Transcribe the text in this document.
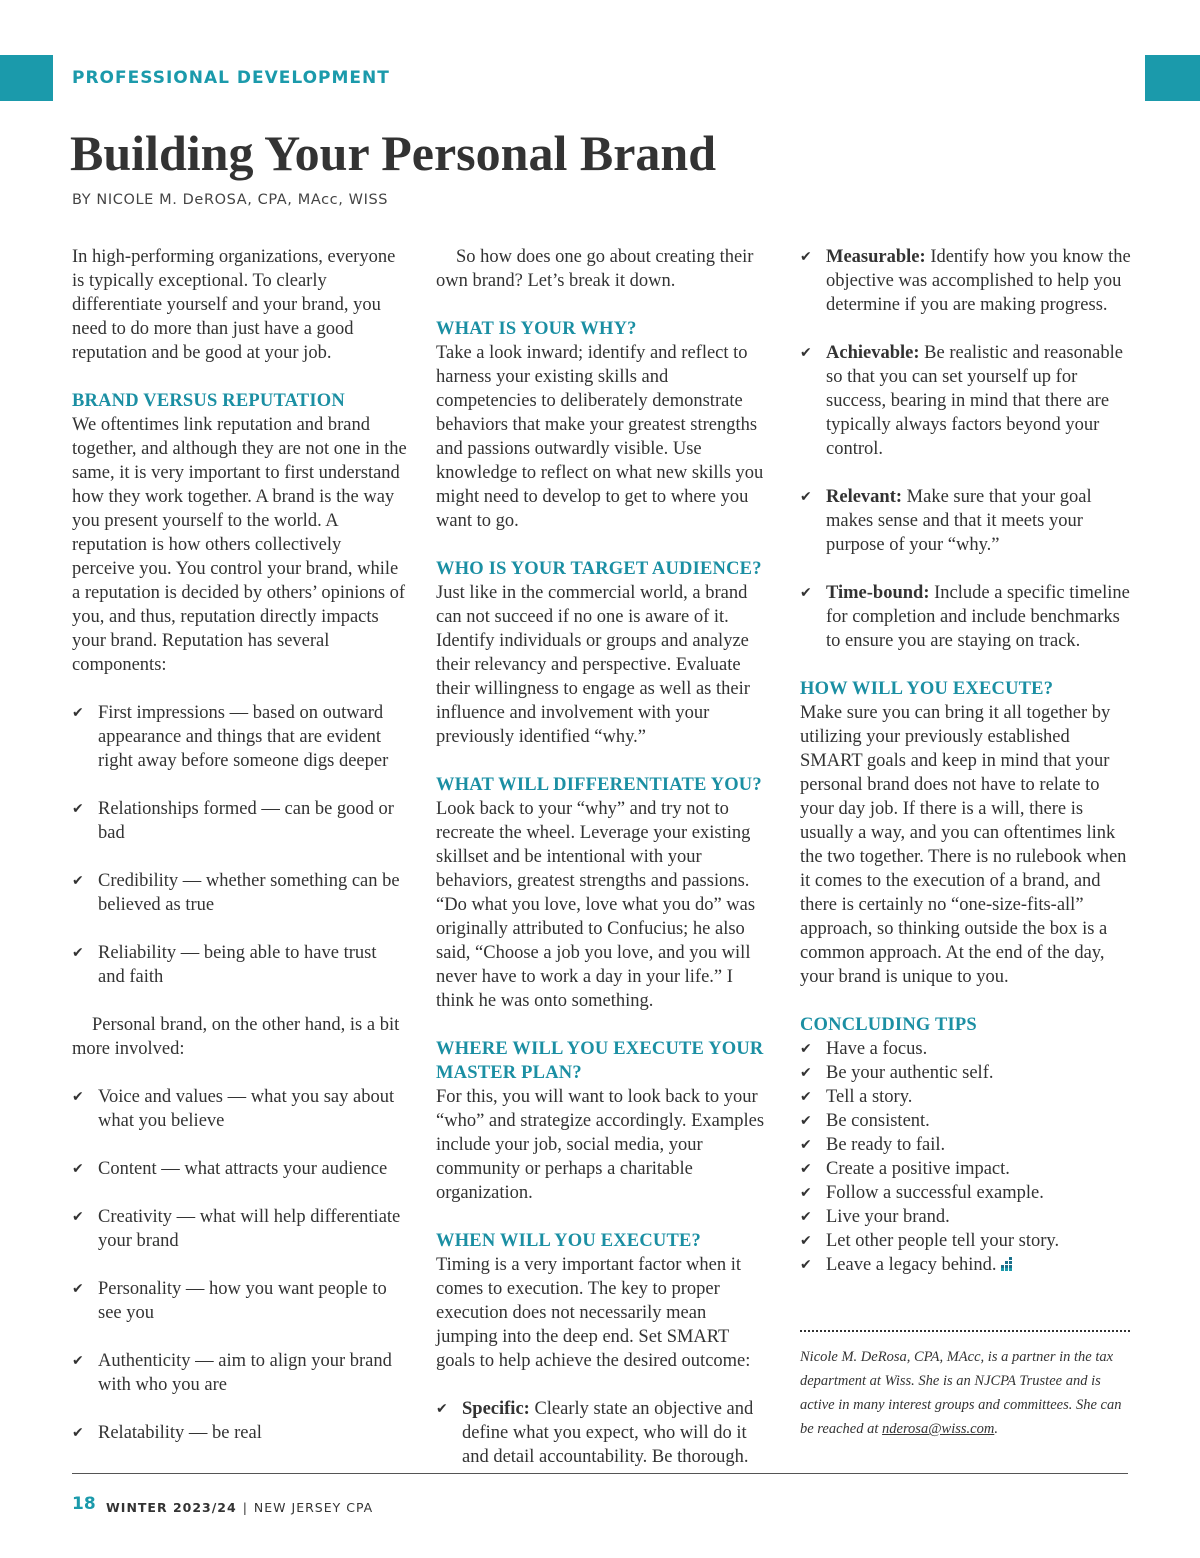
PROFESSIONAL DEVELOPMENT
Building Your Personal Brand
BY NICOLE M. DeROSA, CPA, MAcc, WISS

In high-performing organizations, everyone is typically exceptional. To clearly differentiate yourself and your brand, you need to do more than just have a good reputation and be good at your job.

BRAND VERSUS REPUTATION

We oftentimes link reputation and brand together, and although they are not one in the same, it is very important to first understand how they work together. A brand is the way you present yourself to the world. A reputation is how others collectively perceive you. You control your brand, while a reputation is decided by others’ opinions of you, and thus, reputation directly impacts your brand. Reputation has several components:

✔ First impressions — based on outward appearance and things that are evident right away before someone digs deeper
✔ Relationships formed — can be good or bad
✔ Credibility — whether something can be believed as true
✔ Reliability — being able to have trust and faith

Personal brand, on the other hand, is a bit more involved:

✔ Voice and values — what you say about what you believe
✔ Content — what attracts your audience
✔ Creativity — what will help differentiate your brand
✔ Personality — how you want people to see you
✔ Authenticity — aim to align your brand with who you are
✔ Relatability — be real

So how does one go about creating their own brand? Let’s break it down.

WHAT IS YOUR WHY?

Take a look inward; identify and reflect to harness your existing skills and competencies to deliberately demonstrate behaviors that make your greatest strengths and passions outwardly visible. Use knowledge to reflect on what new skills you might need to develop to get to where you want to go.

WHO IS YOUR TARGET AUDIENCE?

Just like in the commercial world, a brand can not succeed if no one is aware of it. Identify individuals or groups and analyze their relevancy and perspective. Evaluate their willingness to engage as well as their influence and involvement with your previously identified “why.”

WHAT WILL DIFFERENTIATE YOU?

Look back to your “why” and try not to recreate the wheel. Leverage your existing skillset and be intentional with your behaviors, greatest strengths and passions. “Do what you love, love what you do” was originally attributed to Confucius; he also said, “Choose a job you love, and you will never have to work a day in your life.” I think he was onto something.

WHERE WILL YOU EXECUTE YOUR MASTER PLAN?

For this, you will want to look back to your “who” and strategize accordingly. Examples include your job, social media, your community or perhaps a charitable organization.

WHEN WILL YOU EXECUTE?

Timing is a very important factor when it comes to execution. The key to proper execution does not necessarily mean jumping into the deep end. Set SMART goals to help achieve the desired outcome:

✔ Specific: Clearly state an objective and define what you expect, who will do it and detail accountability. Be thorough.
✔ Measurable: Identify how you know the objective was accomplished to help you determine if you are making progress.
✔ Achievable: Be realistic and reasonable so that you can set yourself up for success, bearing in mind that there are typically always factors beyond your control.
✔ Relevant: Make sure that your goal makes sense and that it meets your purpose of your “why.”
✔ Time-bound: Include a specific timeline for completion and include benchmarks to ensure you are staying on track.
HOW WILL YOU EXECUTE?

Make sure you can bring it all together by utilizing your previously established SMART goals and keep in mind that your personal brand does not have to relate to your day job. If there is a will, there is usually a way, and you can oftentimes link the two together. There is no rulebook when it comes to the execution of a brand, and there is certainly no “one-size-fits-all” approach, so thinking outside the box is a common approach. At the end of the day, your brand is unique to you.

CONCLUDING TIPS
✔ Have a focus.
✔ Be your authentic self.
✔ Tell a story.
✔ Be consistent.
✔ Be ready to fail.
✔ Create a positive impact.
✔ Follow a successful example.
✔ Live your brand.
✔ Let other people tell your story.
✔ Leave a legacy behind.
Nicole M. DeRosa, CPA, MAcc, is a partner in the tax department at Wiss. She is an NJCPA Trustee and is active in many interest groups and committees. She can be reached at nderosa@wiss.com.
18 WINTER 2023/24 | NEW JERSEY CPA
